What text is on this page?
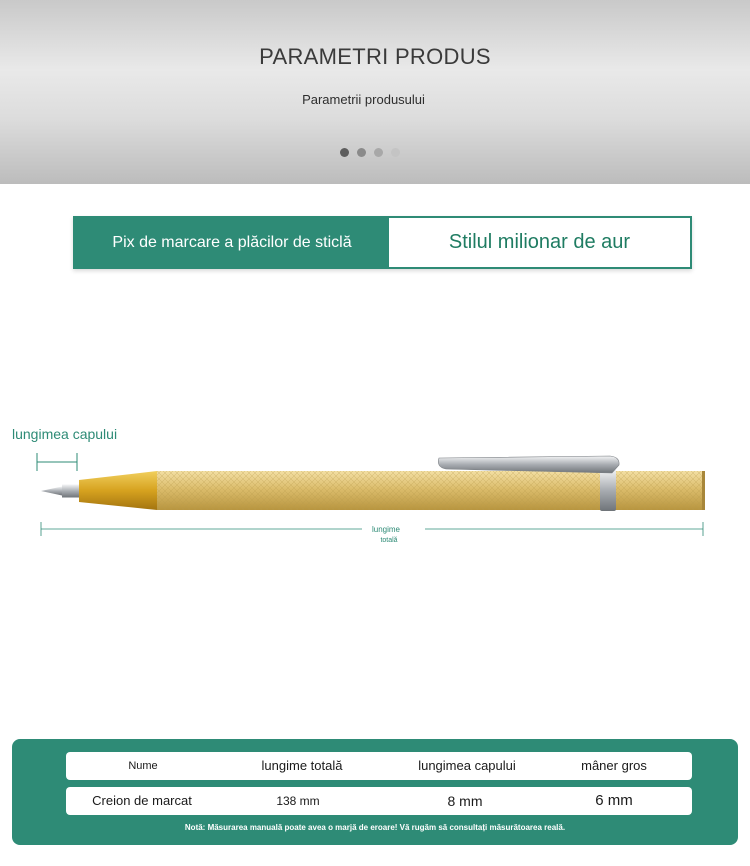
PARAMETRI PRODUS
Parametrii produsului
Pix de marcare a plăcilor de sticlă	Stilul milionar de aur
lungimea capului
lungime
totală
Nume	lungime totală	lungimea capului	mâner gros
Creion de marcat	138 mm	8 mm	6 mm
Notă: Măsurarea manuală poate avea o marjă de eroare! Vă rugăm să consultați măsurătoarea reală.
